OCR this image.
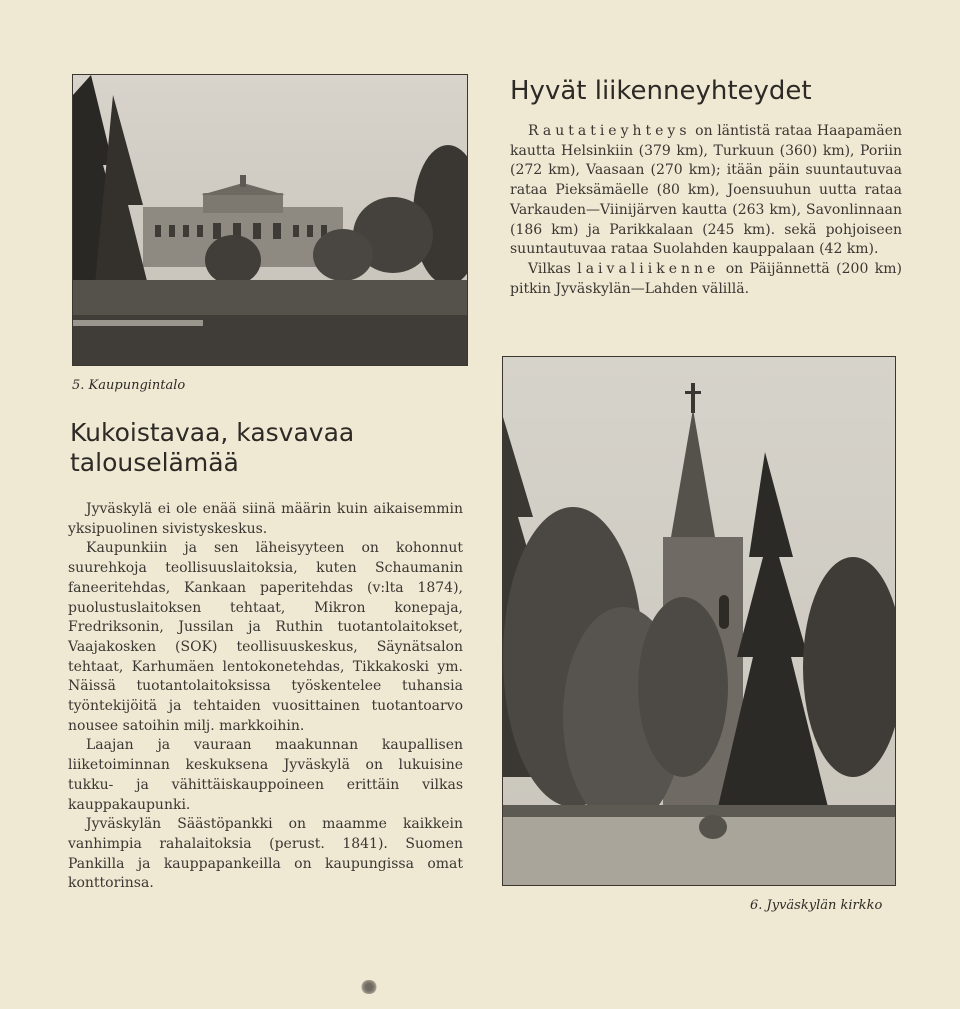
5. Kaupungintalo
Hyvät liikenneyhteydet

Rautatieyhteys on läntistä rataa Haapamäen kautta Helsinkiin (379 km), Turkuun (360) km), Poriin (272 km), Vaasaan (270 km); itään päin suuntautuvaa rataa Pieksämäelle (80 km), Joensuuhun uutta rataa Varkauden—Viinijärven kautta (263 km), Savonlinnaan (186 km) ja Parikkalaan (245 km). sekä pohjoiseen suuntautuvaa rataa Suolahden kauppalaan (42 km).

Vilkas laivaliikenne on Päijännettä (200 km) pitkin Jyväskylän—Lahden välillä.

Kukoistavaa, kasvavaa
talouselämää

Jyväskylä ei ole enää siinä määrin kuin aikaisemmin yksipuolinen sivistyskeskus.

Kaupunkiin ja sen läheisyyteen on kohonnut suurehkoja teollisuuslaitoksia, kuten Schaumanin faneeritehdas, Kankaan paperitehdas (v:lta 1874), puolustuslaitoksen tehtaat, Mikron konepaja, Fredriksonin, Jussilan ja Ruthin tuotantolaitokset, Vaajakosken (SOK) teollisuuskeskus, Säynätsalon tehtaat, Karhumäen lentokonetehdas, Tikkakoski ym. Näissä tuotantolaitoksissa työskentelee tuhansia työntekijöitä ja tehtaiden vuosittainen tuotantoarvo nousee satoihin milj. markkoihin.

Laajan ja vauraan maakunnan kaupallisen liiketoiminnan keskuksena Jyväskylä on lukuisine tukku- ja vähittäiskauppoineen erittäin vilkas kauppakaupunki.

Jyväskylän Säästöpankki on maamme kaikkein vanhimpia rahalaitoksia (perust. 1841). Suomen Pankilla ja kauppapankeilla on kaupungissa omat konttorinsa.

6. Jyväskylän kirkko
